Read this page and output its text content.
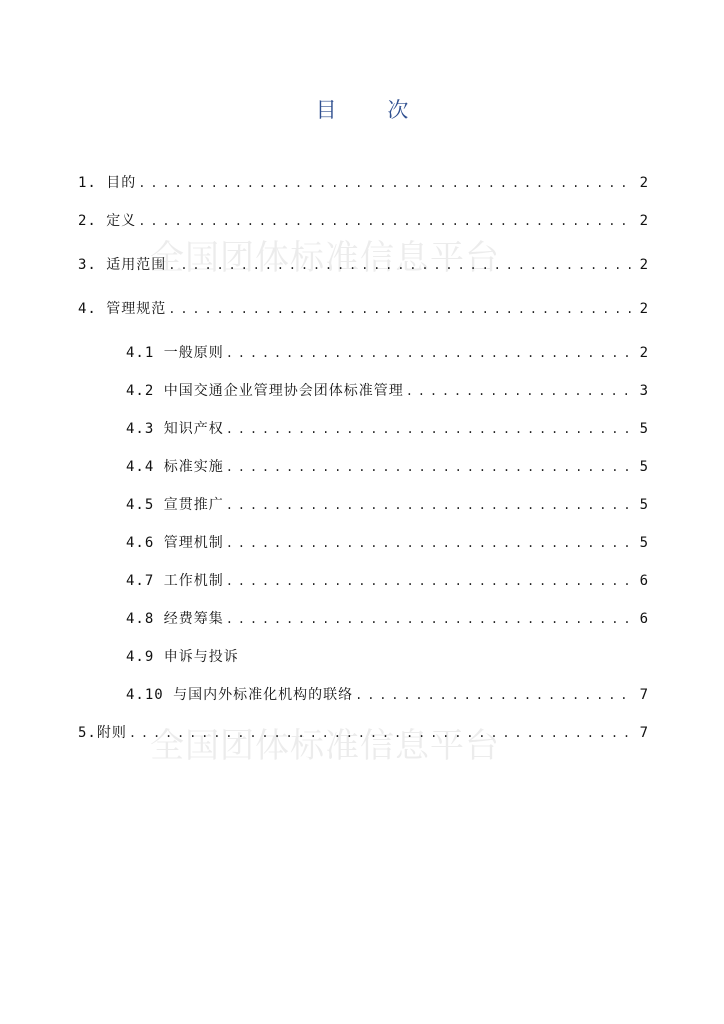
全国团体标准信息平台
全国团体标准信息平台
目 次
1. 目的 . . .	2
2. 定义 . . .	2
3. 适用范围 . . .	2
4. 管理规范 . . .	2
4.1 一般原则 . . .	2
4.2 中国交通企业管理协会团体标准管理 . . .	3
4.3 知识产权 . . .	5
4.4 标准实施 . . .	5
4.5 宣贯推广 . . .	5
4.6 管理机制 . . .	5
4.7 工作机制 . . .	6
4.8 经费筹集 . . .	6
4.9 申诉与投诉
4.10 与国内外标准化机构的联络 . . .	7
5.附则 . . .	7
